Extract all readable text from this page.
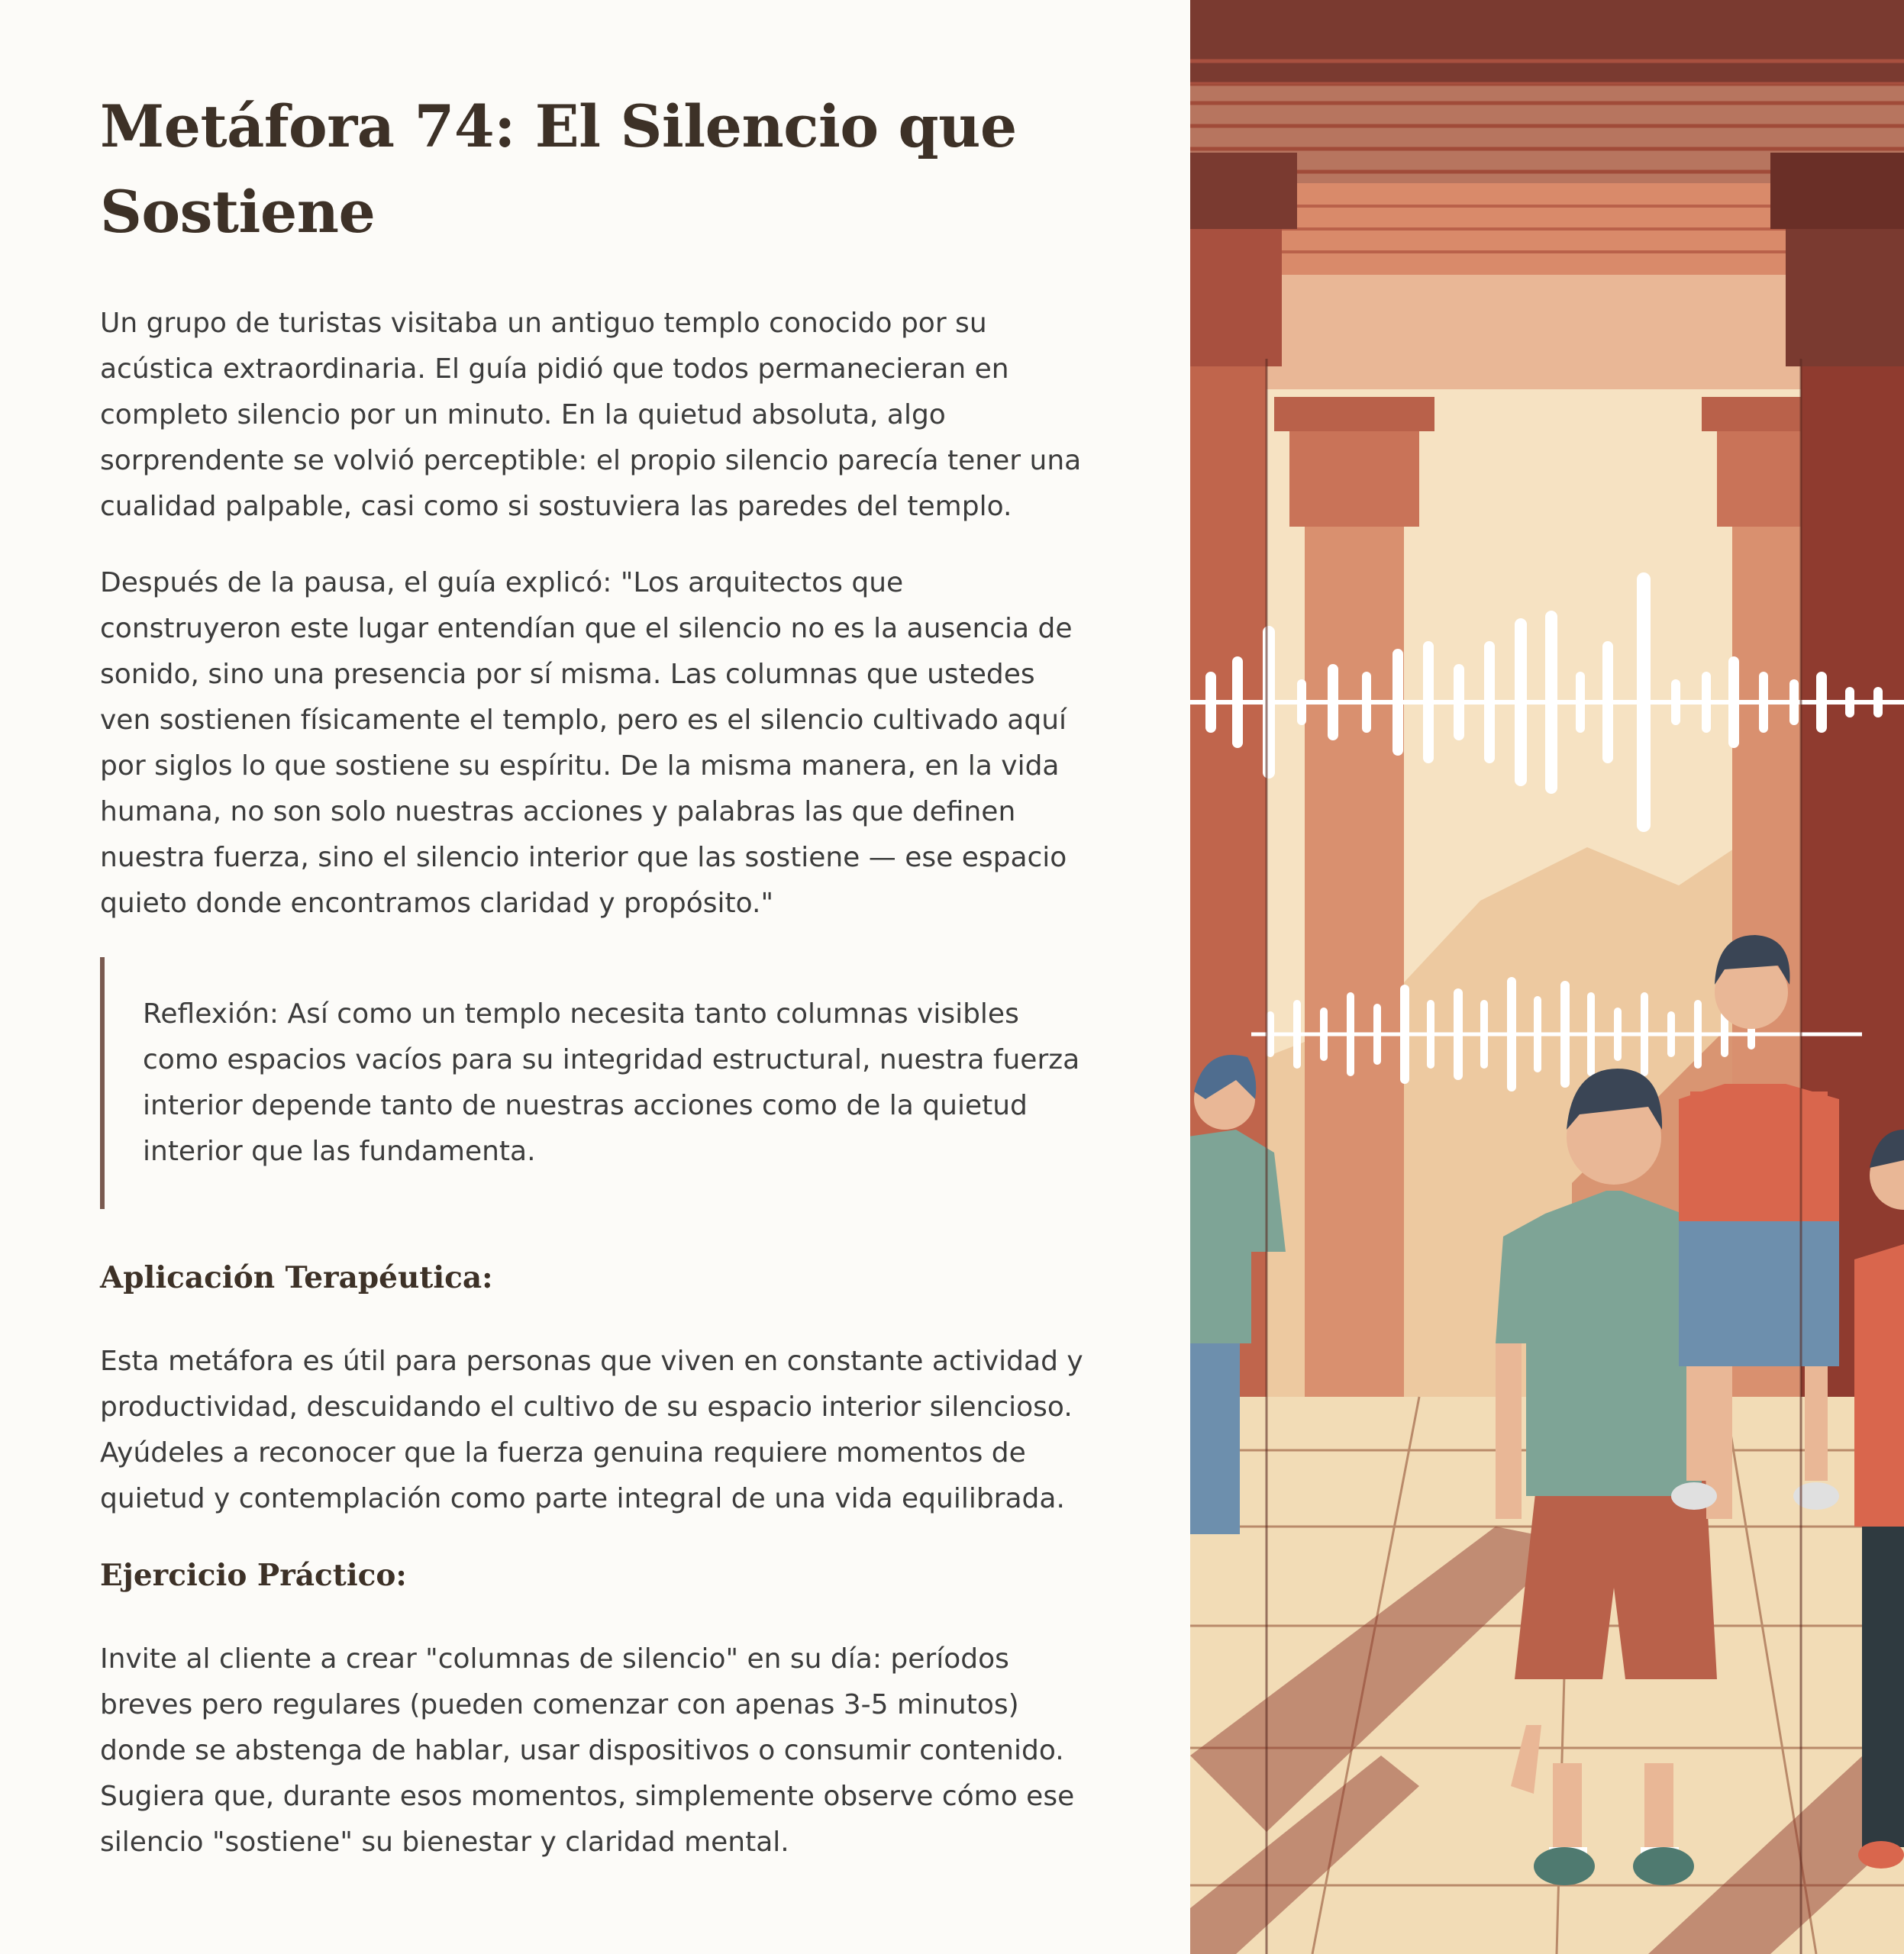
Metáfora 74: El Silencio que Sostiene

Un grupo de turistas visitaba un antiguo templo conocido por su acústica extraordinaria. El guía pidió que todos permanecieran en completo silencio por un minuto. En la quietud absoluta, algo sorprendente se volvió perceptible: el propio silencio parecía tener una cualidad palpable, casi como si sostuviera las paredes del templo.

Después de la pausa, el guía explicó: "Los arquitectos que construyeron este lugar entendían que el silencio no es la ausencia de sonido, sino una presencia por sí misma. Las columnas que ustedes ven sostienen físicamente el templo, pero es el silencio cultivado aquí por siglos lo que sostiene su espíritu. De la misma manera, en la vida humana, no son solo nuestras acciones y palabras las que definen nuestra fuerza, sino el silencio interior que las sostiene — ese espacio quieto donde encontramos claridad y propósito."

Reflexión: Así como un templo necesita tanto columnas visibles como espacios vacíos para su integridad estructural, nuestra fuerza interior depende tanto de nuestras acciones como de la quietud interior que las fundamenta.

Aplicación Terapéutica:

Esta metáfora es útil para personas que viven en constante actividad y productividad, descuidando el cultivo de su espacio interior silencioso. Ayúdeles a reconocer que la fuerza genuina requiere momentos de quietud y contemplación como parte integral de una vida equilibrada.

Ejercicio Práctico:

Invite al cliente a crear "columnas de silencio" en su día: períodos breves pero regulares (pueden comenzar con apenas 3-5 minutos) donde se abstenga de hablar, usar dispositivos o consumir contenido. Sugiera que, durante esos momentos, simplemente observe cómo ese silencio "sostiene" su bienestar y claridad mental.
